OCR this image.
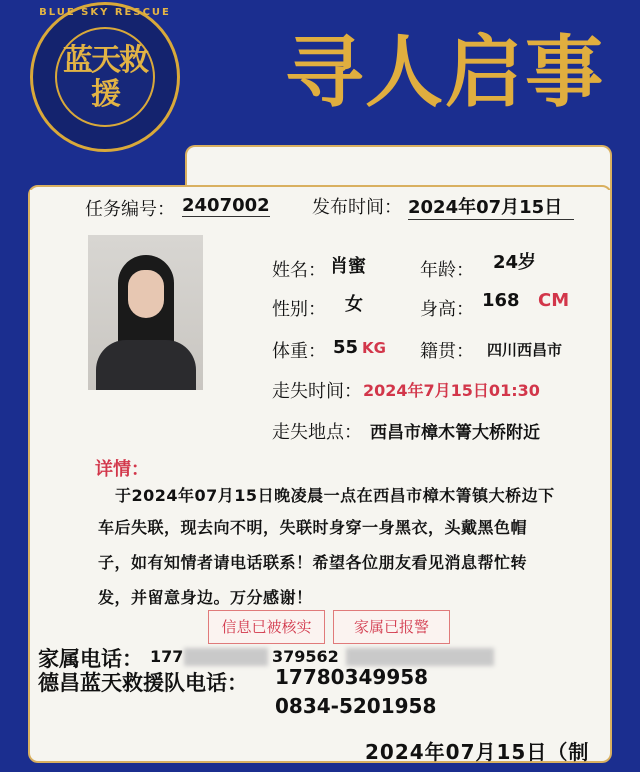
BLUE SKY RESCUE
蓝天救援	寻人启事
任务编号： 2407002 发布时间： 2024年07月15日
姓名： 肖蜜	年龄： 24岁
性别： 女	身高： 168 CM
体重： 55 KG 籍贯： 四川西昌市
走失时间： 2024年7月15日01:30
走失地点： 西昌市樟木箐大桥附近
详情：
于2024年07月15日晚凌晨一点在西昌市樟木箐镇大桥边下
车后失联，现去向不明，失联时身穿一身黑衣，头戴黑色帽
子，如有知情者请电话联系！希望各位朋友看见消息帮忙转
发，并留意身边。万分感谢！
信息已被核实	家属已报警
家属电话： 177	379562
德昌蓝天救援队电话： 17780349958
0834-5201958
2024年07月15日（制
